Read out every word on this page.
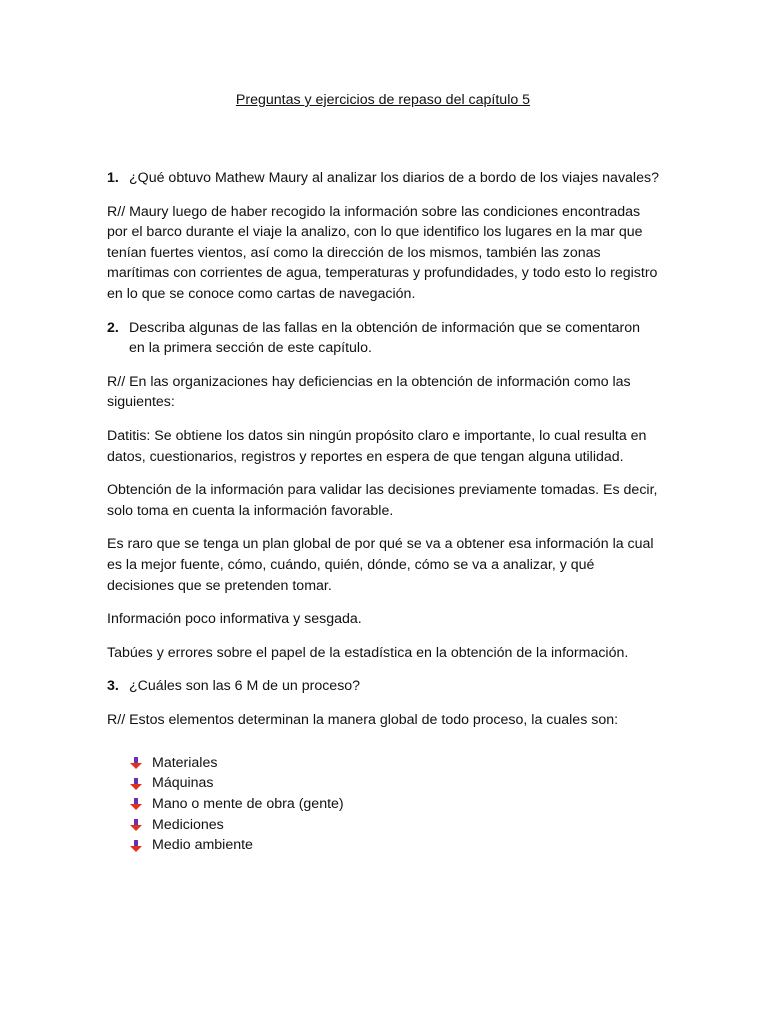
Preguntas y ejercicios de repaso del capítulo 5
1. ¿Qué obtuvo Mathew Maury al analizar los diarios de a bordo de los viajes navales?

R// Maury luego de haber recogido la información sobre las condiciones encontradas por el barco durante el viaje la analizo, con lo que identifico los lugares en la mar que tenían fuertes vientos, así como la dirección de los mismos, también las zonas marítimas con corrientes de agua, temperaturas y profundidades, y todo esto lo registro en lo que se conoce como cartas de navegación.

2. Describa algunas de las fallas en la obtención de información que se comentaron en la primera sección de este capítulo.

R// En las organizaciones hay deficiencias en la obtención de información como las siguientes:

Datitis: Se obtiene los datos sin ningún propósito claro e importante, lo cual resulta en datos, cuestionarios, registros y reportes en espera de que tengan alguna utilidad.

Obtención de la información para validar las decisiones previamente tomadas. Es decir, solo toma en cuenta la información favorable.

Es raro que se tenga un plan global de por qué se va a obtener esa información la cual es la mejor fuente, cómo, cuándo, quién, dónde, cómo se va a analizar, y qué decisiones que se pretenden tomar.

Información poco informativa y sesgada.

Tabúes y errores sobre el papel de la estadística en la obtención de la información.

3. ¿Cuáles son las 6 M de un proceso?

R// Estos elementos determinan la manera global de todo proceso, la cuales son:

Materiales
Máquinas
Mano o mente de obra (gente)
Mediciones
Medio ambiente
